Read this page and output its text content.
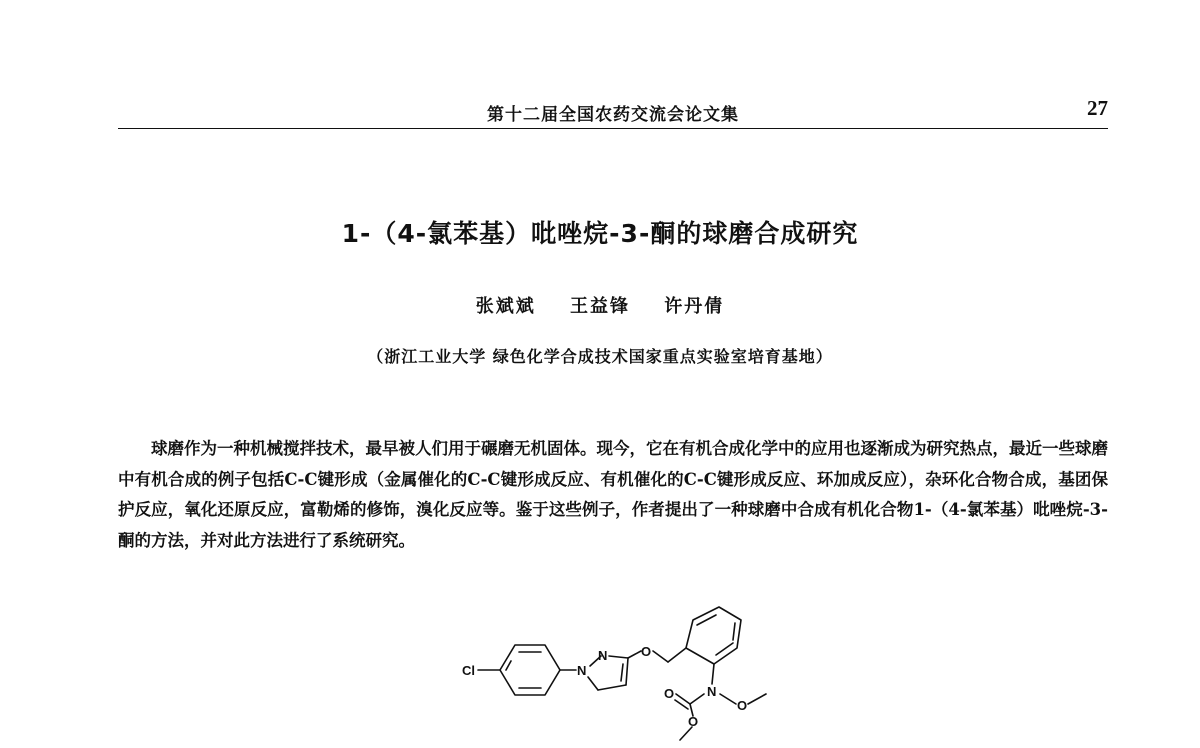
第十二届全国农药交流会论文集	27
1-（4-氯苯基）吡唑烷-3-酮的球磨合成研究
张斌斌 王益锋 许丹倩
（浙江工业大学 绿色化学合成技术国家重点实验室培育基地）

球磨作为一种机械搅拌技术，最早被人们用于碾磨无机固体。现今，它在有机合成化学中的应用也逐渐成为研究热点，最近一些球磨中有机合成的例子包括C-C键形成（金属催化的C-C键形成反应、有机催化的C-C键形成反应、环加成反应），杂环化合物合成，基团保护反应，氧化还原反应，富勒烯的修饰，溴化反应等。鉴于这些例子，作者提出了一种球磨中合成有机化合物1-（4-氯苯基）吡唑烷-3-酮的方法，并对此方法进行了系统研究。

Cl	N
N	O
N
O
O
O
